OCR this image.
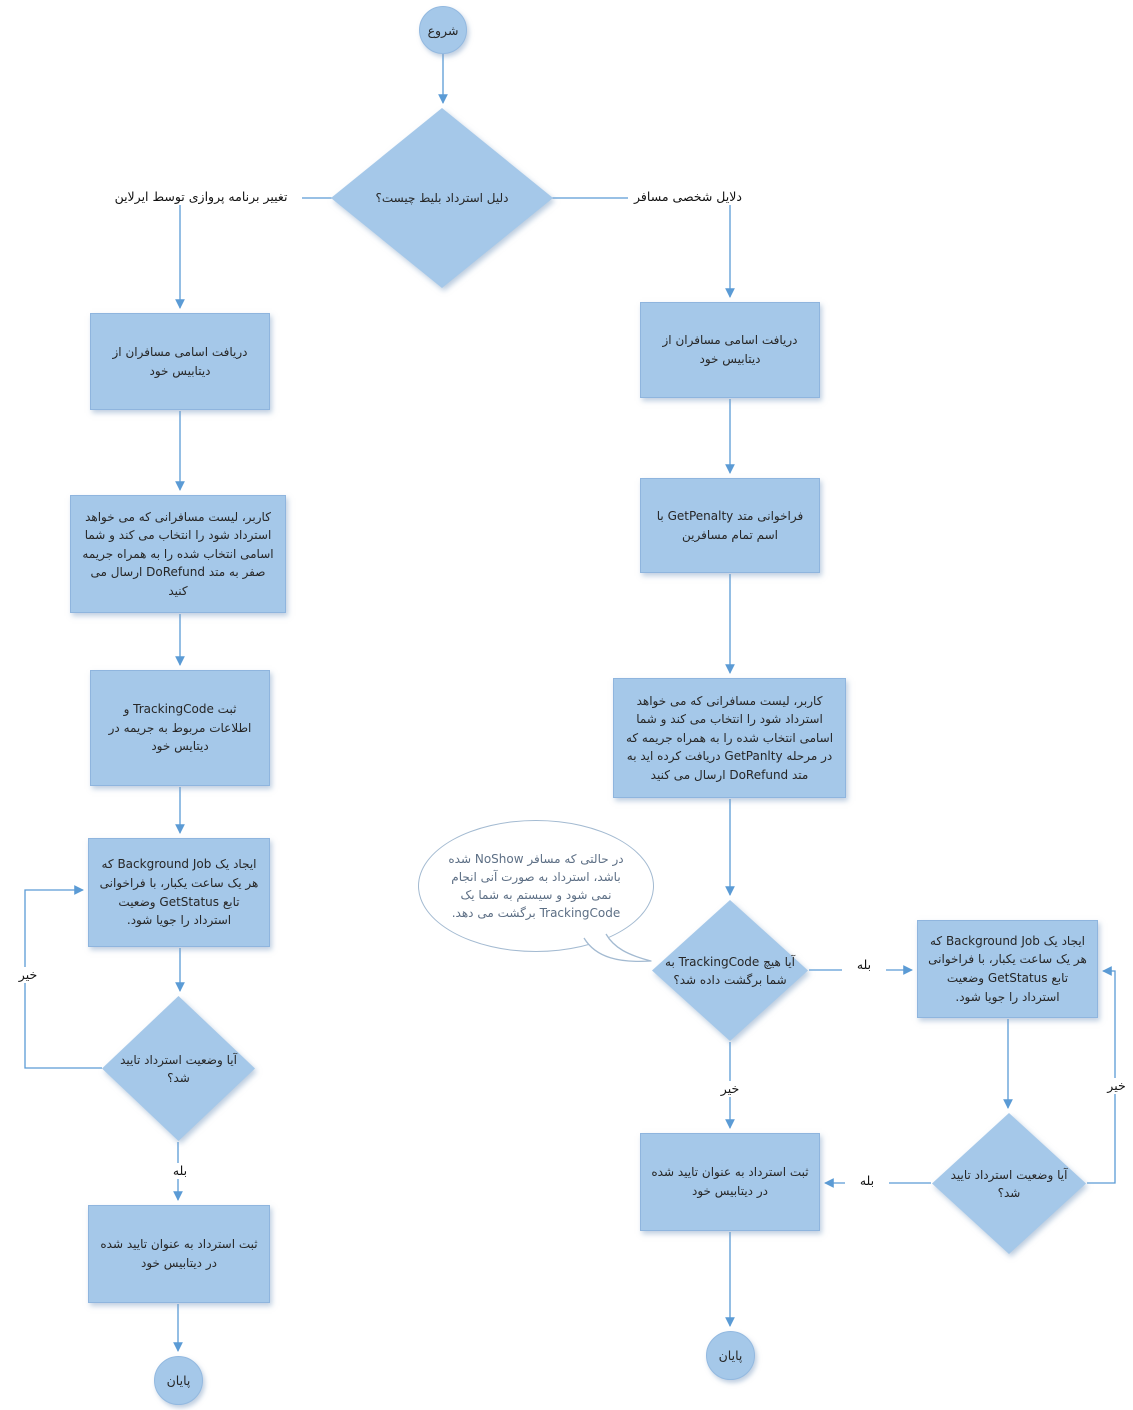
شروع
دلیل استرداد بلیط چیست؟
تغییر برنامه پروازی توسط ایرلاین	دلایل شخصی مسافر
دریافت اسامی مسافران از دیتابیس خود
کاربر، لیست مسافرانی که می خواهد استرداد شود را انتخاب می کند و شما اسامی انتخاب شده را به همراه جریمه صفر به متد DoRefund ارسال می کنید
ثبت TrackingCode و اطلاعات مربوط به جریمه در دیتایس خود
ایجاد یک Background Job که هر یک ساعت یکبار، با فراخوانی تابع GetStatus وضعیت استرداد را جویا شود.
آیا وضعیت استرداد تایید شد؟
خیر
بله
ثبت استرداد به عنوان تایید شده در دیتابیس خود
پایان
دریافت اسامی مسافران از دیتابیس خود
فراخوانی متد GetPenalty با اسم تمام مسافرین
کاربر، لیست مسافرانی که می خواهد استرداد شود را انتخاب می کند و شما اسامی انتخاب شده را به همراه جریمه که در مرحله GetPanlty دریافت کرده اید به متد DoRefund ارسال می کنید
در حالتی که مسافر NoShow شده باشد، استرداد به صورت آنی انجام نمی شود و سیستم به شما یک TrackingCode برگشت می دهد.
آیا هیچ TrackingCode به شما برگشت داده شد؟
بله
خیر
ایجاد یک Background Job که هر یک ساعت یکبار، با فراخوانی تابع GetStatus وضعیت استرداد را جویا شود.
آیا وضعیت استرداد تایید شد؟
خیر
بله
ثبت استرداد به عنوان تایید شده در دیتابیس خود
پایان
